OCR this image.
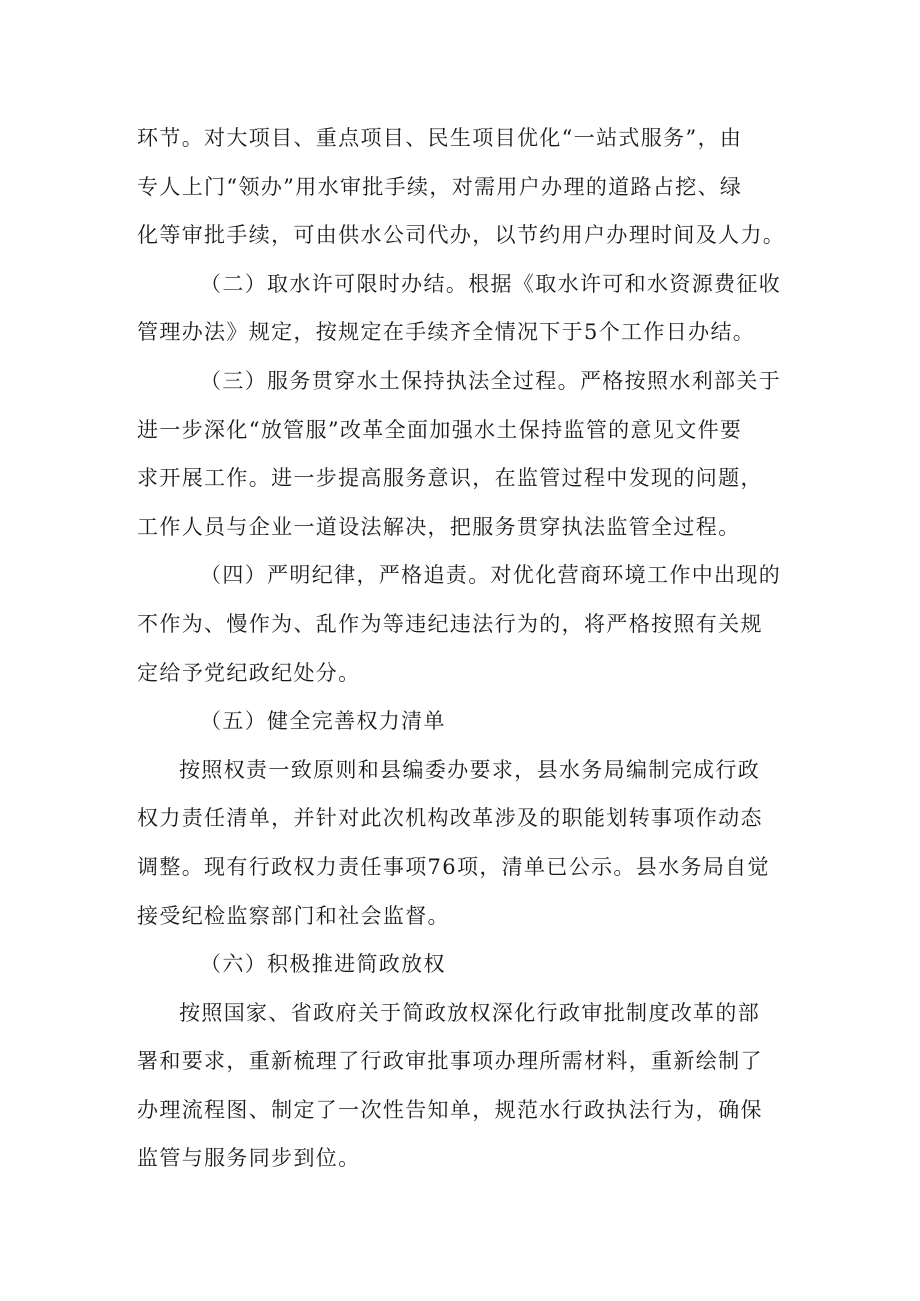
环节。对大项目、重点项目、民生项目优化“一站式服务”，由
专人上门“领办”用水审批手续，对需用户办理的道路占挖、绿
化等审批手续，可由供水公司代办，以节约用户办理时间及人力。
（二）取水许可限时办结。根据《取水许可和水资源费征收
管理办法》规定，按规定在手续齐全情况下于5个工作日办结。
（三）服务贯穿水土保持执法全过程。严格按照水利部关于
进一步深化“放管服”改革全面加强水土保持监管的意见文件要
求开展工作。进一步提高服务意识，在监管过程中发现的问题，
工作人员与企业一道设法解决，把服务贯穿执法监管全过程。
（四）严明纪律，严格追责。对优化营商环境工作中出现的
不作为、慢作为、乱作为等违纪违法行为的，将严格按照有关规
定给予党纪政纪处分。
（五）健全完善权力清单
按照权责一致原则和县编委办要求，县水务局编制完成行政
权力责任清单，并针对此次机构改革涉及的职能划转事项作动态
调整。现有行政权力责任事项76项，清单已公示。县水务局自觉
接受纪检监察部门和社会监督。
（六）积极推进简政放权
按照国家、省政府关于简政放权深化行政审批制度改革的部
署和要求，重新梳理了行政审批事项办理所需材料，重新绘制了
办理流程图、制定了一次性告知单，规范水行政执法行为，确保
监管与服务同步到位。
